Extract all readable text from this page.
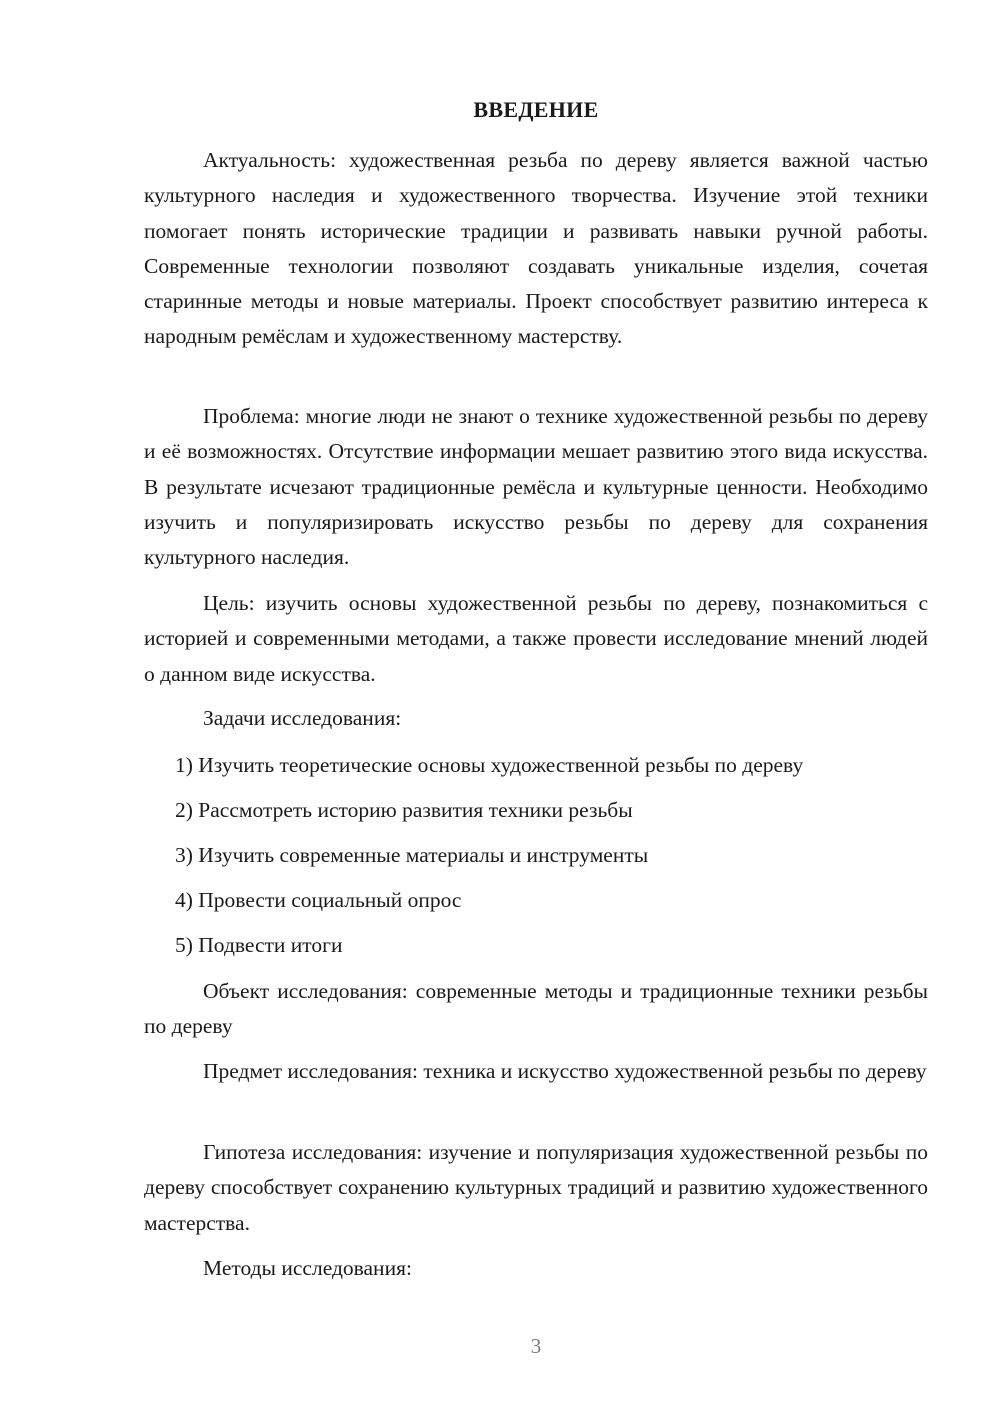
ВВЕДЕНИЕ

Актуальность: художественная резьба по дереву является важной частью культурного наследия и художественного творчества. Изучение этой техники помогает понять исторические традиции и развивать навыки ручной работы. Современные технологии позволяют создавать уникальные изделия, сочетая старинные методы и новые материалы. Проект способствует развитию интереса к народным ремёслам и художественному мастерству.

Проблема: многие люди не знают о технике художественной резьбы по дереву и её возможностях. Отсутствие информации мешает развитию этого вида искусства. В результате исчезают традиционные ремёсла и культурные ценности. Необходимо изучить и популяризировать искусство резьбы по дереву для сохранения культурного наследия.

Цель: изучить основы художественной резьбы по дереву, познакомиться с историей и современными методами, а также провести исследование мнений людей о данном виде искусства.

Задачи исследования:

1) Изучить теоретические основы художественной резьбы по дереву

2) Рассмотреть историю развития техники резьбы

3) Изучить современные материалы и инструменты

4) Провести социальный опрос

5) Подвести итоги

Объект исследования: современные методы и традиционные техники резьбы по дереву

Предмет исследования: техника и искусство художественной резьбы по дереву

Гипотеза исследования: изучение и популяризация художественной резьбы по дереву способствует сохранению культурных традиций и развитию художественного мастерства.

Методы исследования:

3
